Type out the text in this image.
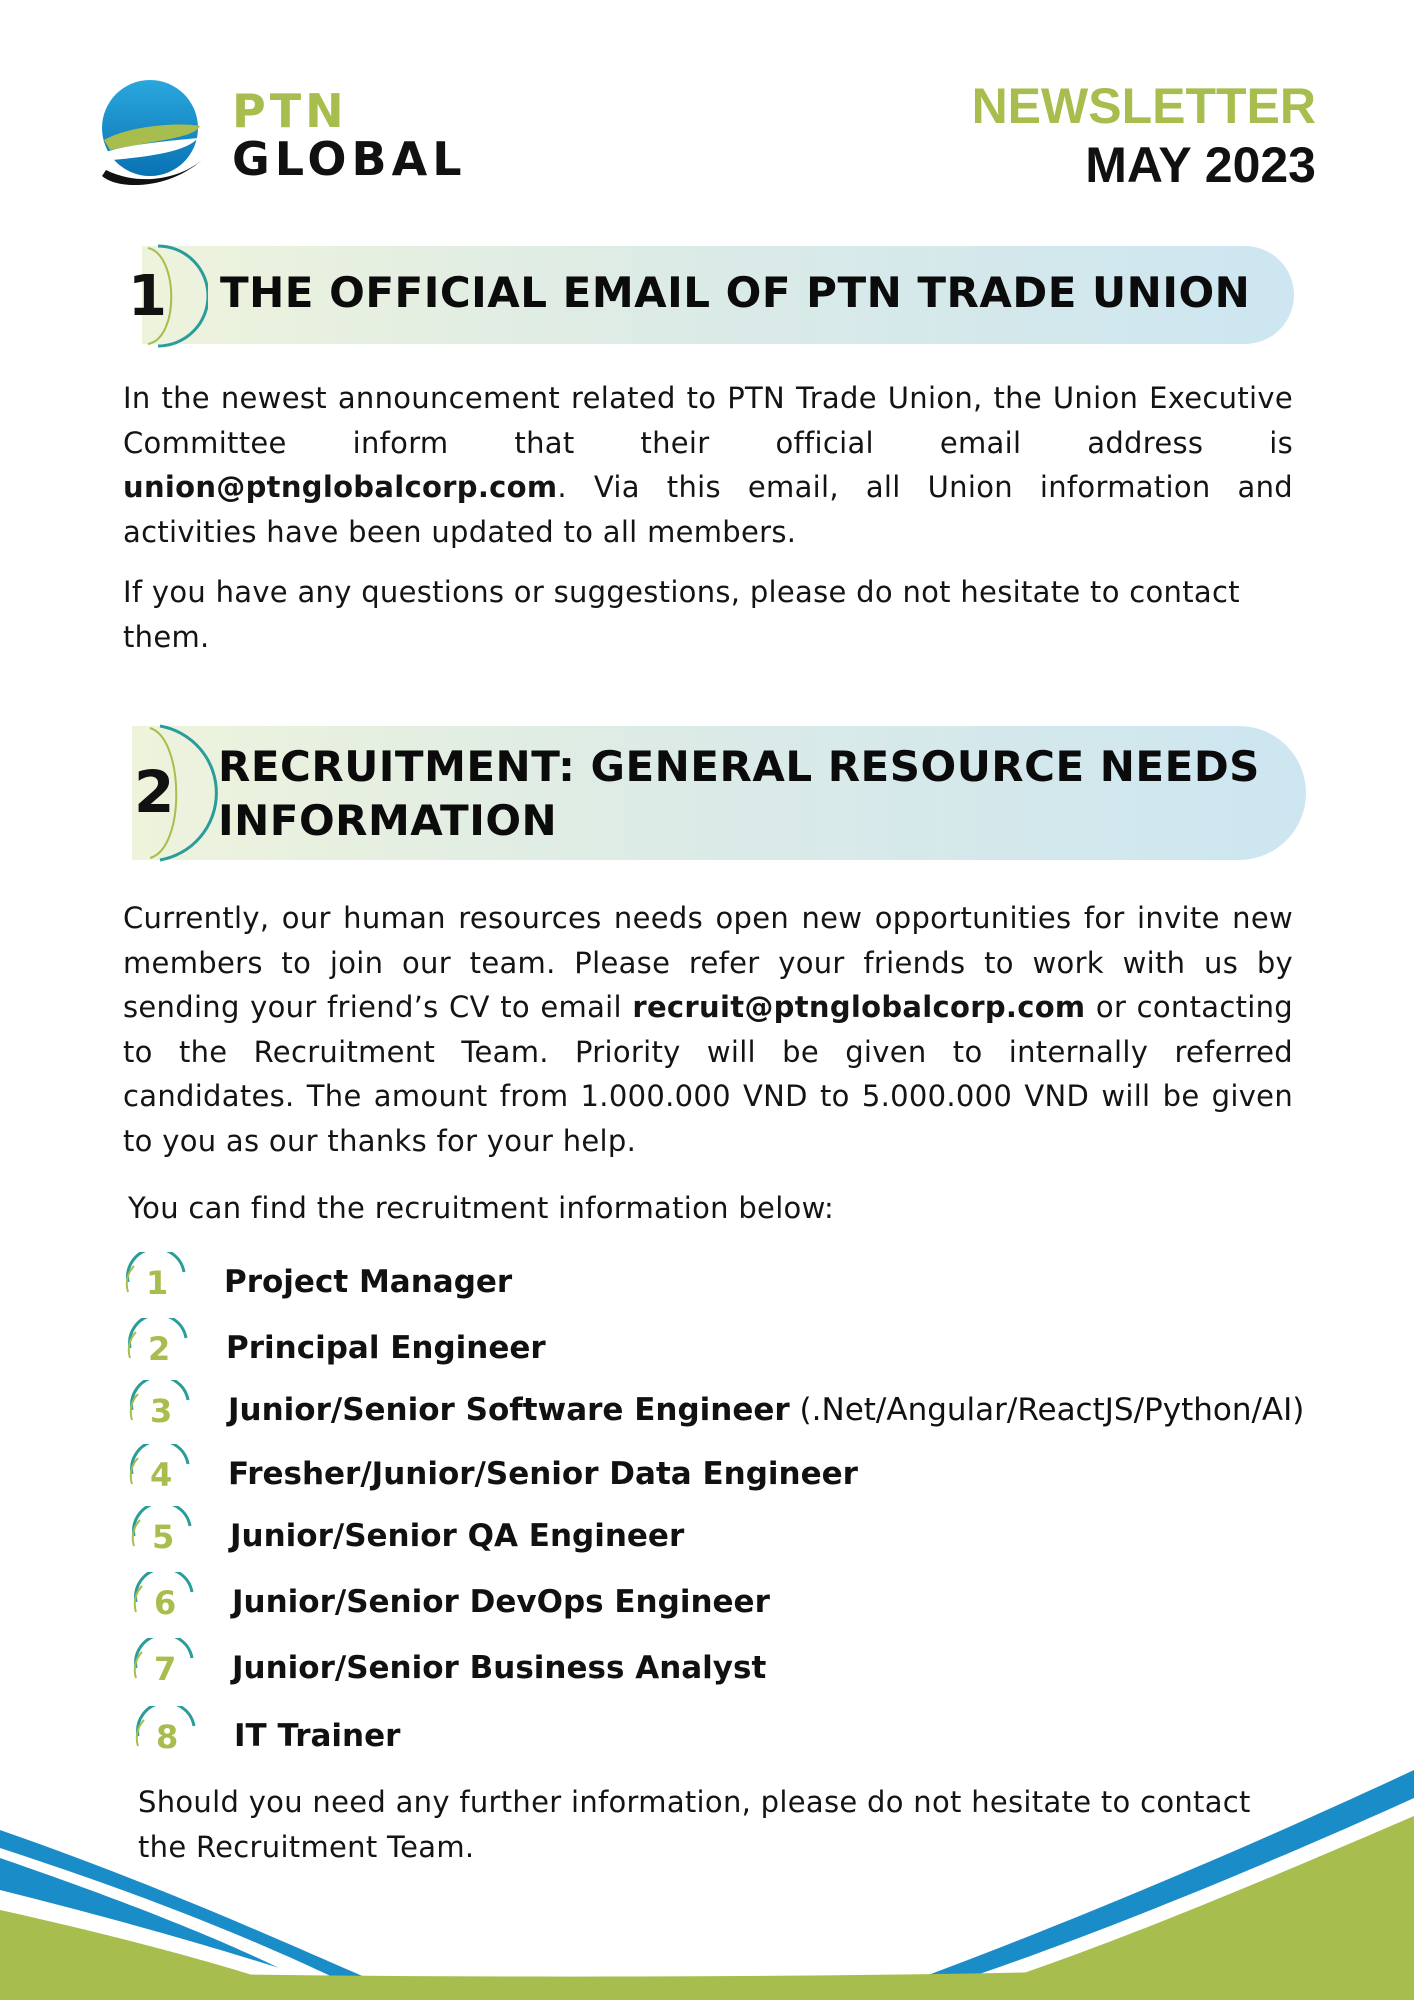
PTN
GLOBAL
NEWSLETTER
MAY 2023
1 THE OFFICIAL EMAIL OF PTN TRADE UNION
In the newest announcement related to PTN Trade Union, the Union Executive Committee inform that their official email address is union@ptnglobalcorp.com. Via this email, all Union information and activities have been updated to all members.
If you have any questions or suggestions, please do not hesitate to contact them.
2 RECRUITMENT: GENERAL RESOURCE NEEDS
INFORMATION
Currently, our human resources needs open new opportunities for invite new members to join our team. Please refer your friends to work with us by sending your friend’s CV to email recruit@ptnglobalcorp.com or contacting to the Recruitment Team. Priority will be given to internally referred candidates. The amount from 1.000.000 VND to 5.000.000 VND will be given to you as our thanks for your help.
You can find the recruitment information below:
1 Project Manager
2 Principal Engineer
3 Junior/Senior Software Engineer (.Net/Angular/ReactJS/Python/AI)
4 Fresher/Junior/Senior Data Engineer
5 Junior/Senior QA Engineer
6 Junior/Senior DevOps Engineer
7 Junior/Senior Business Analyst
8 IT Trainer
Should you need any further information, please do not hesitate to contact the Recruitment Team.
